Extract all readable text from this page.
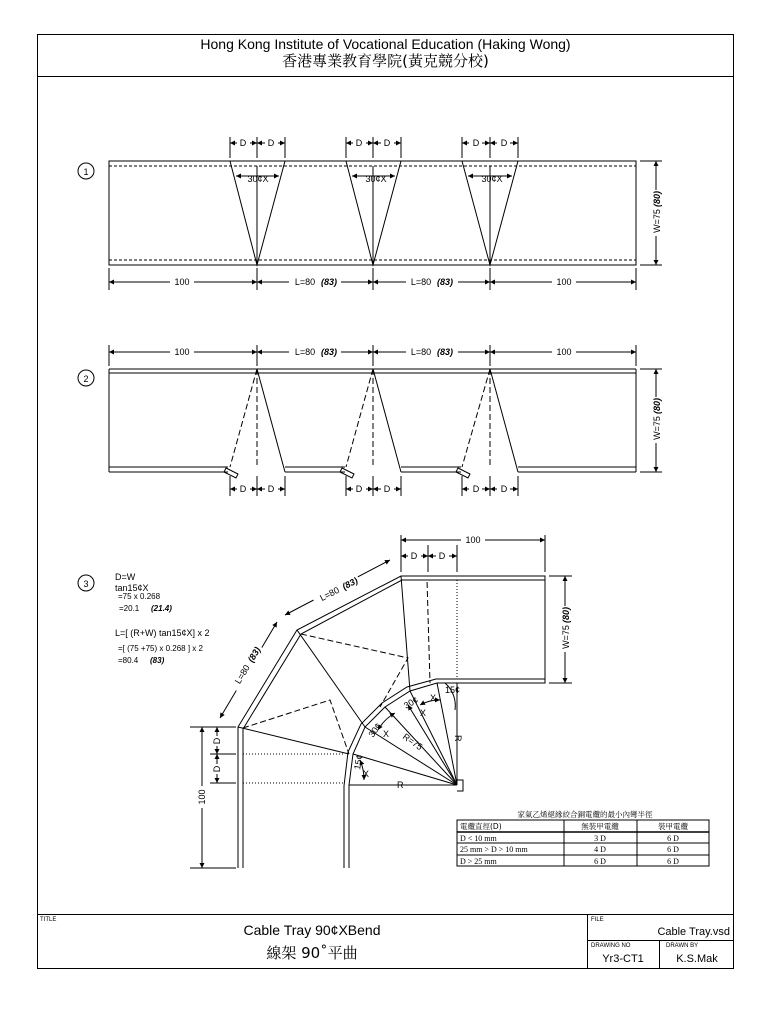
Hong Kong Institute of Vocational Education (Haking Wong)
香港專業教育學院(黃克競分校)
1
30¢X	30¢X	30¢X
D D	D D	D D
100	L=80 (83)	L=80 (83)	100
W=75
(80)
2
100	L=80 (83)	L=80 (83)	100
D D	D D	D D
W=75
(80)
3
D=W
tan15¢X
=75 x 0.268
=20.1 (21.4)
L=[ (R+W) tan15¢X] x 2
=[ (75 +75) x 0.268 ] x 2
=80.4 (83)
15¢
X
30¢
X
30¢ X
15¢
X
R=75
R
R
100
D D
W=75
(80)
L=80
(83)
L=80
(83)
100
D
D
家氣乙烯絕緣絞合銅電纜的最小內彎半徑
電纜直徑(D)	無裝甲電纜	裝甲電纜
D < 10 mm	3 D	6 D
25 mm > D > 10 mm	4 D	6 D
D > 25 mm	6 D	6 D
TITLE
Cable Tray 90¢XBend
線架 90˚平曲
FILE
Cable Tray.vsd
DRAWING NO
Yr3-CT1
DRAWN BY
K.S.Mak
